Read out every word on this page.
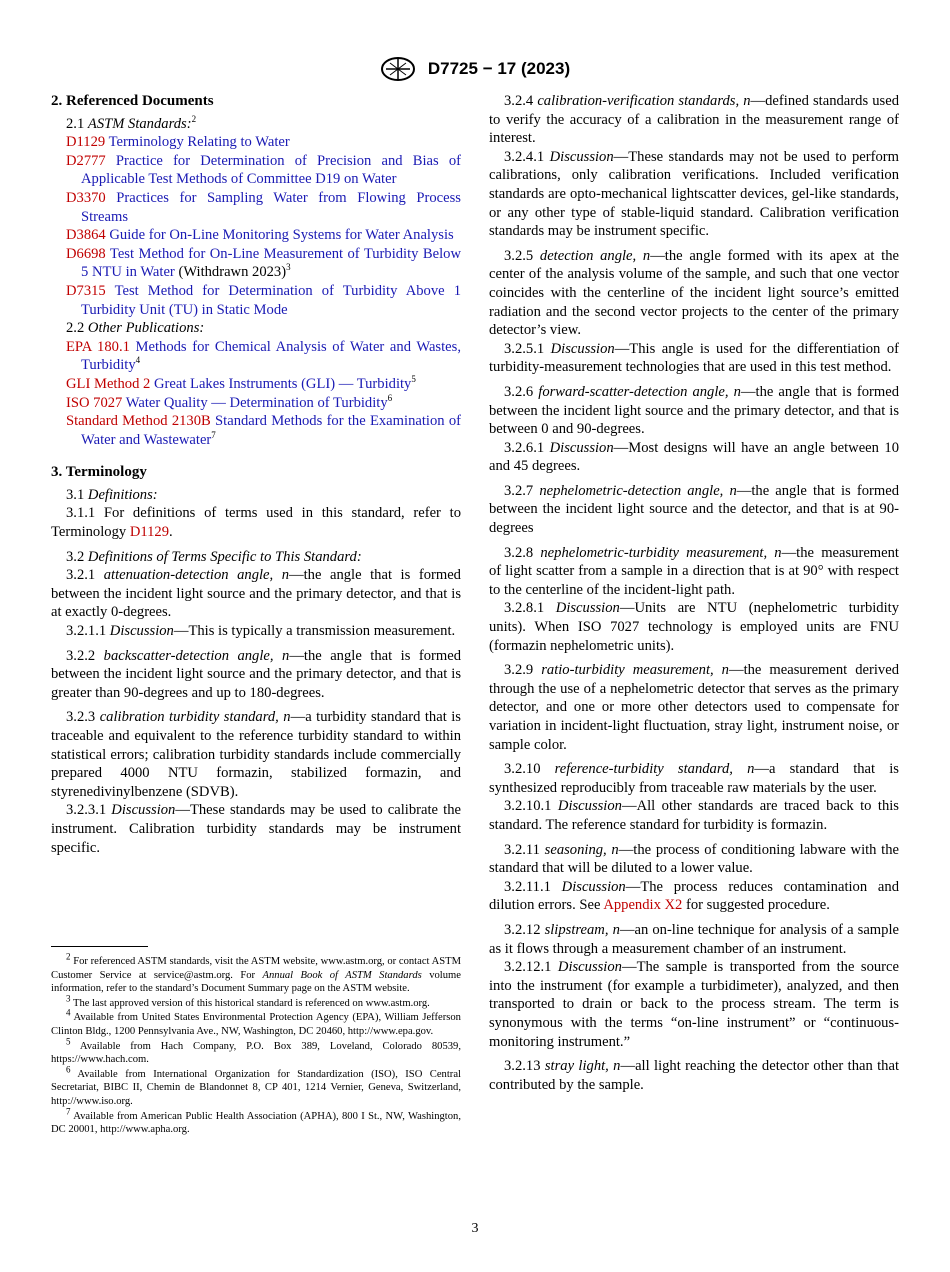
D7725 − 17 (2023)

2. Referenced Documents

2.1 ASTM Standards:$^2$

D1129 Terminology Relating to Water

D2777 Practice for Determination of Precision and Bias of Applicable Test Methods of Committee D19 on Water

D3370 Practices for Sampling Water from Flowing Process Streams

D3864 Guide for On-Line Monitoring Systems for Water Analysis

D6698 Test Method for On-Line Measurement of Turbidity Below 5 NTU in Water (Withdrawn 2023)$^3$

D7315 Test Method for Determination of Turbidity Above 1 Turbidity Unit (TU) in Static Mode

2.2 Other Publications:

EPA 180.1 Methods for Chemical Analysis of Water and Wastes, Turbidity$^4$

GLI Method 2 Great Lakes Instruments (GLI) — Turbidity$^5$

ISO 7027 Water Quality — Determination of Turbidity$^6$

Standard Method 2130B Standard Methods for the Examination of Water and Wastewater$^7$

3. Terminology

3.1 Definitions:

3.1.1 For definitions of terms used in this standard, refer to Terminology D1129.

3.2 Definitions of Terms Specific to This Standard:

3.2.1 attenuation-detection angle, n—the angle that is formed between the incident light source and the primary detector, and that is at exactly 0-degrees.

3.2.1.1 Discussion—This is typically a transmission measurement.

3.2.2 backscatter-detection angle, n—the angle that is formed between the incident light source and the primary detector, and that is greater than 90-degrees and up to 180-degrees.

3.2.3 calibration turbidity standard, n—a turbidity standard that is traceable and equivalent to the reference turbidity standard to within statistical errors; calibration turbidity standards include commercially prepared 4000 NTU formazin, stabilized formazin, and styrenedivinylbenzene (SDVB).

3.2.3.1 Discussion—These standards may be used to calibrate the instrument. Calibration turbidity standards may be instrument specific.

$^2$ For referenced ASTM standards, visit the ASTM website, www.astm.org, or contact ASTM Customer Service at service@astm.org. For Annual Book of ASTM Standards volume information, refer to the standard’s Document Summary page on the ASTM website.

$^3$ The last approved version of this historical standard is referenced on www.astm.org.

$^4$ Available from United States Environmental Protection Agency (EPA), William Jefferson Clinton Bldg., 1200 Pennsylvania Ave., NW, Washington, DC 20460, http://www.epa.gov.

$^5$ Available from Hach Company, P.O. Box 389, Loveland, Colorado 80539, https://www.hach.com.

$^6$ Available from International Organization for Standardization (ISO), ISO Central Secretariat, BIBC II, Chemin de Blandonnet 8, CP 401, 1214 Vernier, Geneva, Switzerland, http://www.iso.org.

$^7$ Available from American Public Health Association (APHA), 800 I St., NW, Washington, DC 20001, http://www.apha.org.

3.2.4 calibration-verification standards, n—defined standards used to verify the accuracy of a calibration in the measurement range of interest.

3.2.4.1 Discussion—These standards may not be used to perform calibrations, only calibration verifications. Included verification standards are opto-mechanical lightscatter devices, gel-like standards, or any other type of stable-liquid standard. Calibration verification standards may be instrument specific.

3.2.5 detection angle, n—the angle formed with its apex at the center of the analysis volume of the sample, and such that one vector coincides with the centerline of the incident light source’s emitted radiation and the second vector projects to the center of the primary detector’s view.

3.2.5.1 Discussion—This angle is used for the differentiation of turbidity-measurement technologies that are used in this test method.

3.2.6 forward-scatter-detection angle, n—the angle that is formed between the incident light source and the primary detector, and that is between 0 and 90-degrees.

3.2.6.1 Discussion—Most designs will have an angle between 10 and 45 degrees.

3.2.7 nephelometric-detection angle, n—the angle that is formed between the incident light source and the detector, and that is at 90-degrees

3.2.8 nephelometric-turbidity measurement, n—the measurement of light scatter from a sample in a direction that is at 90° with respect to the centerline of the incident-light path.

3.2.8.1 Discussion—Units are NTU (nephelometric turbidity units). When ISO 7027 technology is employed units are FNU (formazin nephelometric units).

3.2.9 ratio-turbidity measurement, n—the measurement derived through the use of a nephelometric detector that serves as the primary detector, and one or more other detectors used to compensate for variation in incident-light fluctuation, stray light, instrument noise, or sample color.

3.2.10 reference-turbidity standard, n—a standard that is synthesized reproducibly from traceable raw materials by the user.

3.2.10.1 Discussion—All other standards are traced back to this standard. The reference standard for turbidity is formazin.

3.2.11 seasoning, n—the process of conditioning labware with the standard that will be diluted to a lower value.

3.2.11.1 Discussion—The process reduces contamination and dilution errors. See Appendix X2 for suggested procedure.

3.2.12 slipstream, n—an on-line technique for analysis of a sample as it flows through a measurement chamber of an instrument.

3.2.12.1 Discussion—The sample is transported from the source into the instrument (for example a turbidimeter), analyzed, and then transported to drain or back to the process stream. The term is synonymous with the terms “on-line instrument” or “continuous-monitoring instrument.”

3.2.13 stray light, n—all light reaching the detector other than that contributed by the sample.

3
